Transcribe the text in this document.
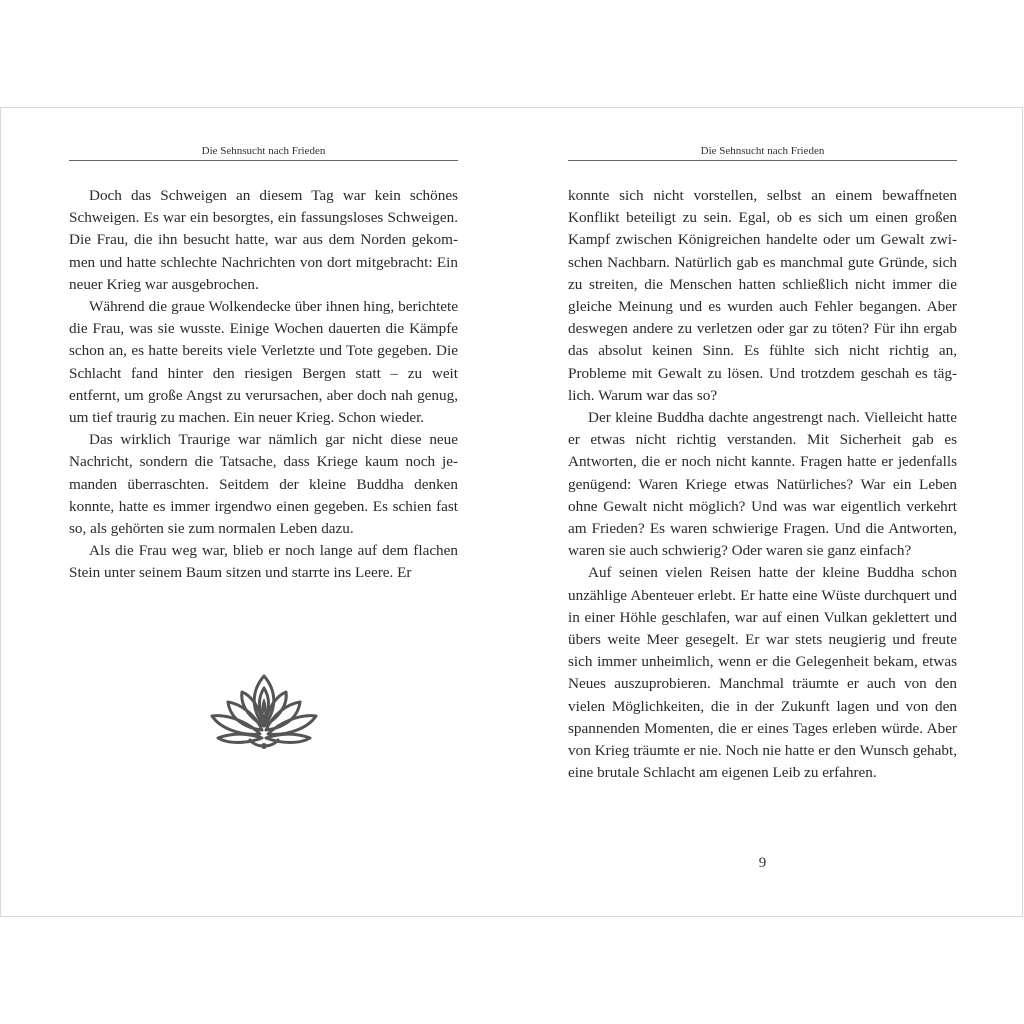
Die Sehnsucht nach Frieden

Doch das Schweigen an diesem Tag war kein schönes Schweigen. Es war ein besorgtes, ein fassungsloses Schweigen. Die Frau, die ihn besucht hatte, war aus dem Norden gekommen und hatte schlechte Nachrichten von dort mitgebracht: Ein neuer Krieg war ausgebrochen.

Während die graue Wolkendecke über ihnen hing, berichtete die Frau, was sie wusste. Einige Wochen dauerten die Kämpfe schon an, es hatte bereits viele Verletzte und Tote gegeben. Die Schlacht fand hinter den riesigen Bergen statt – zu weit entfernt, um große Angst zu verursachen, aber doch nah genug, um tief traurig zu machen. Ein neuer Krieg. Schon wieder.

Das wirklich Traurige war nämlich gar nicht diese neue Nachricht, sondern die Tatsache, dass Kriege kaum noch jemanden überraschten. Seitdem der kleine Buddha denken konnte, hatte es immer irgendwo einen gegeben. Es schien fast so, als gehörten sie zum normalen Leben dazu.

Als die Frau weg war, blieb er noch lange auf dem flachen Stein unter seinem Baum sitzen und starrte ins Leere. Er

Die Sehnsucht nach Frieden

konnte sich nicht vorstellen, selbst an einem bewaffneten Konflikt beteiligt zu sein. Egal, ob es sich um einen großen Kampf zwischen Königreichen handelte oder um Gewalt zwischen Nachbarn. Natürlich gab es manchmal gute Gründe, sich zu streiten, die Menschen hatten schließlich nicht immer die gleiche Meinung und es wurden auch Fehler begangen. Aber deswegen andere zu verletzen oder gar zu töten? Für ihn ergab das absolut keinen Sinn. Es fühlte sich nicht richtig an, Probleme mit Gewalt zu lösen. Und trotzdem geschah es täglich. Warum war das so?

Der kleine Buddha dachte angestrengt nach. Vielleicht hatte er etwas nicht richtig verstanden. Mit Sicherheit gab es Antworten, die er noch nicht kannte. Fragen hatte er jedenfalls genügend: Waren Kriege etwas Natürliches? War ein Leben ohne Gewalt nicht möglich? Und was war eigentlich verkehrt am Frieden? Es waren schwierige Fragen. Und die Antworten, waren sie auch schwierig? Oder waren sie ganz einfach?

Auf seinen vielen Reisen hatte der kleine Buddha schon unzählige Abenteuer erlebt. Er hatte eine Wüste durchquert und in einer Höhle geschlafen, war auf einen Vulkan geklettert und übers weite Meer gesegelt. Er war stets neugierig und freute sich immer unheimlich, wenn er die Gelegenheit bekam, etwas Neues auszuprobieren. Manchmal träumte er auch von den vielen Möglichkeiten, die in der Zukunft lagen und von den spannenden Momenten, die er eines Tages erleben würde. Aber von Krieg träumte er nie. Noch nie hatte er den Wunsch gehabt, eine brutale Schlacht am eigenen Leib zu erfahren.

9
